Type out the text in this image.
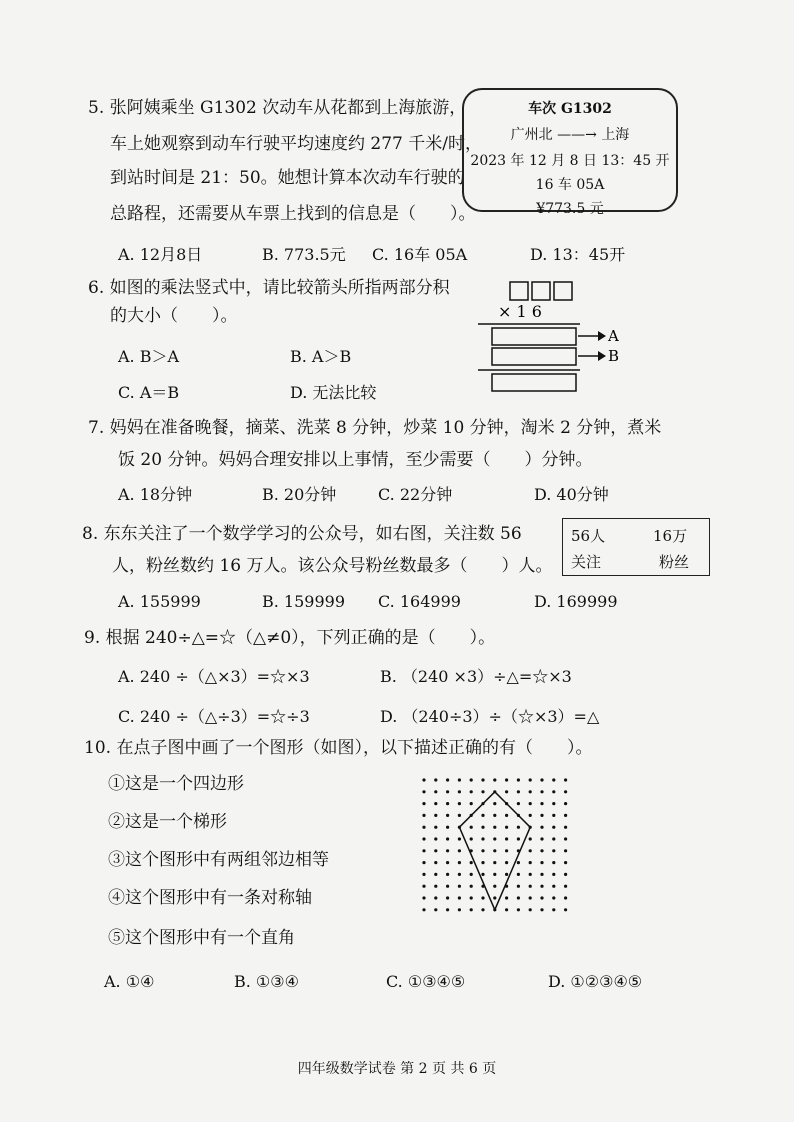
5. 张阿姨乘坐 G1302 次动车从花都到上海旅游，
车上她观察到动车行驶平均速度约 277 千米/时，
到站时间是 21：50。她想计算本次动车行驶的
总路程，还需要从车票上找到的信息是（　　）。
车次 G1302
广州北 ——→ 上海
2023 年 12 月 8 日 13：45 开
16 车 05A
¥773.5 元
A. 12月8日	B. 773.5元 C. 16车 05A	D. 13：45开
6. 如图的乘法竖式中，请比较箭头所指两部分积
的大小（　　）。	× 1 6
A
B
A. B＞A	B. A＞B
C. A＝B	D. 无法比较
7. 妈妈在准备晚餐，摘菜、洗菜 8 分钟，炒菜 10 分钟，淘米 2 分钟，煮米
饭 20 分钟。妈妈合理安排以上事情，至少需要（　　）分钟。
A. 18分钟	B. 20分钟	C. 22分钟	D. 40分钟
8. 东东关注了一个数学学习的公众号，如右图，关注数 56
人，粉丝数约 16 万人。该公众号粉丝数最多（　　）人。
56人	16万
关注	粉丝
A. 155999	B. 159999 C. 164999	D. 169999
9. 根据 240÷△=☆（△≠0），下列正确的是（　　）。
A. 240 ÷（△×3）=☆×3	B. （240 ×3）÷△=☆×3
C. 240 ÷（△÷3）=☆÷3	D. （240÷3）÷（☆×3）=△
10. 在点子图中画了一个图形（如图），以下描述正确的有（　　）。
①这是一个四边形
②这是一个梯形
③这个图形中有两组邻边相等
④这个图形中有一条对称轴
⑤这个图形中有一个直角
A. ①④	B. ①③④	C. ①③④⑤	D. ①②③④⑤
四年级数学试卷 第 2 页 共 6 页
